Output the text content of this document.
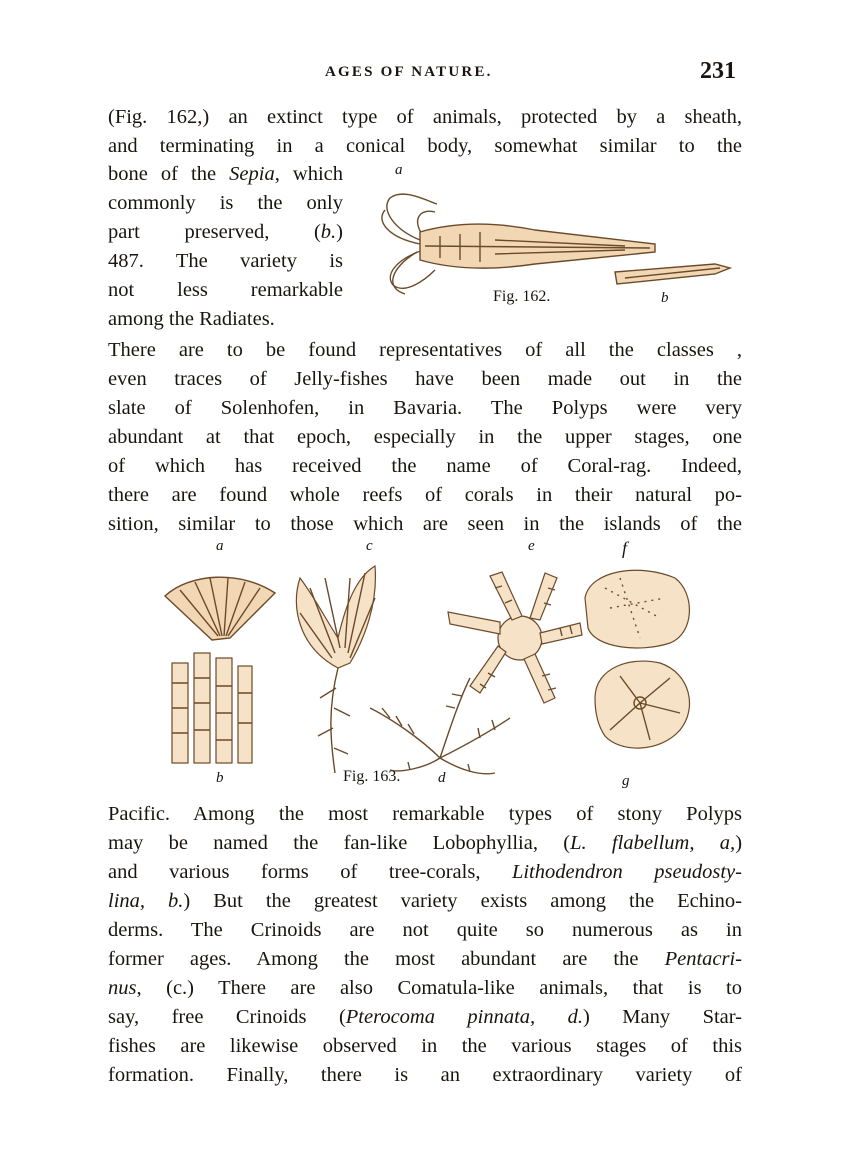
AGES OF NATURE.	231
(Fig. 162,) an extinct type of animals, protected by a sheath,
and terminating in a conical body, somewhat similar to the
bone of the Sepia, which
commonly is the only
part preserved, (b.)
487. The variety is
not less remarkable
among the Radiates.
a
Fig. 162.	b
There are to be found representatives of all the classes ,
even traces of Jelly-fishes have been made out in the
slate of Solenhofen, in Bavaria. The Polyps were very
abundant at that epoch, especially in the upper stages, one
of which has received the name of Coral-rag. Indeed,
there are found whole reefs of corals in their natural po-
sition, similar to those which are seen in the islands of the
a	c	e	f
b	Fig. 163.	d	g
Pacific. Among the most remarkable types of stony Polyps
may be named the fan-like Lobophyllia, (L. flabellum, a,)
and various forms of tree-corals, Lithodendron pseudosty-
lina, b.) But the greatest variety exists among the Echino-
derms. The Crinoids are not quite so numerous as in
former ages. Among the most abundant are the Pentacri-
nus, (c.) There are also Comatula-like animals, that is to
say, free Crinoids (Pterocoma pinnata, d.) Many Star-
fishes are likewise observed in the various stages of this
formation. Finally, there is an extraordinary variety of
